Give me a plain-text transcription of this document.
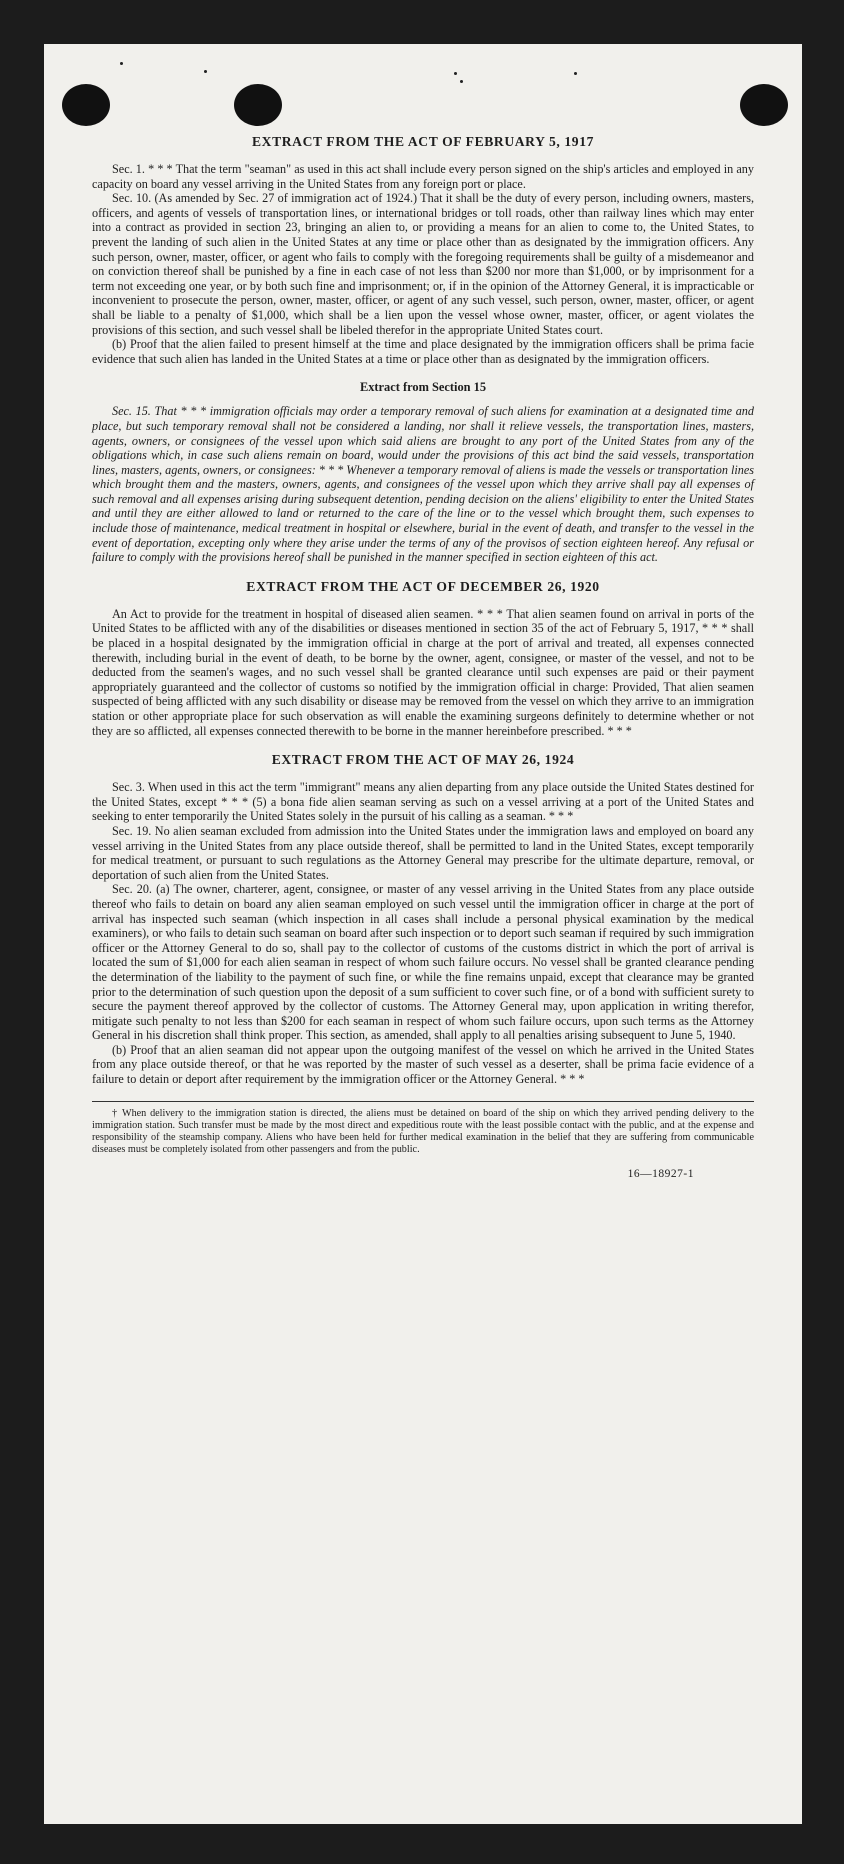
EXTRACT FROM THE ACT OF FEBRUARY 5, 1917

Sec. 1. * * * That the term "seaman" as used in this act shall include every person signed on the ship's articles and employed in any capacity on board any vessel arriving in the United States from any foreign port or place.

Sec. 10. (As amended by Sec. 27 of immigration act of 1924.) That it shall be the duty of every person, including owners, masters, officers, and agents of vessels of transportation lines, or international bridges or toll roads, other than railway lines which may enter into a contract as provided in section 23, bringing an alien to, or providing a means for an alien to come to, the United States, to prevent the landing of such alien in the United States at any time or place other than as designated by the immigration officers. Any such person, owner, master, officer, or agent who fails to comply with the foregoing requirements shall be guilty of a misdemeanor and on conviction thereof shall be punished by a fine in each case of not less than $200 nor more than $1,000, or by imprisonment for a term not exceeding one year, or by both such fine and imprisonment; or, if in the opinion of the Attorney General, it is impracticable or inconvenient to prosecute the person, owner, master, officer, or agent of any such vessel, such person, owner, master, officer, or agent shall be liable to a penalty of $1,000, which shall be a lien upon the vessel whose owner, master, officer, or agent violates the provisions of this section, and such vessel shall be libeled therefor in the appropriate United States court.

(b) Proof that the alien failed to present himself at the time and place designated by the immigration officers shall be prima facie evidence that such alien has landed in the United States at a time or place other than as designated by the immigration officers.

Extract from Section 15

Sec. 15. That * * * immigration officials may order a temporary removal of such aliens for examination at a designated time and place, but such temporary removal shall not be considered a landing, nor shall it relieve vessels, the transportation lines, masters, agents, owners, or consignees of the vessel upon which said aliens are brought to any port of the United States from any of the obligations which, in case such aliens remain on board, would under the provisions of this act bind the said vessels, transportation lines, masters, agents, owners, or consignees: * * * Whenever a temporary removal of aliens is made the vessels or transportation lines which brought them and the masters, owners, agents, and consignees of the vessel upon which they arrive shall pay all expenses of such removal and all expenses arising during subsequent detention, pending decision on the aliens' eligibility to enter the United States and until they are either allowed to land or returned to the care of the line or to the vessel which brought them, such expenses to include those of maintenance, medical treatment in hospital or elsewhere, burial in the event of death, and transfer to the vessel in the event of deportation, excepting only where they arise under the terms of any of the provisos of section eighteen hereof. Any refusal or failure to comply with the provisions hereof shall be punished in the manner specified in section eighteen of this act.

EXTRACT FROM THE ACT OF DECEMBER 26, 1920

An Act to provide for the treatment in hospital of diseased alien seamen. * * * That alien seamen found on arrival in ports of the United States to be afflicted with any of the disabilities or diseases mentioned in section 35 of the act of February 5, 1917, * * * shall be placed in a hospital designated by the immigration official in charge at the port of arrival and treated, all expenses connected therewith, including burial in the event of death, to be borne by the owner, agent, consignee, or master of the vessel, and not to be deducted from the seamen's wages, and no such vessel shall be granted clearance until such expenses are paid or their payment appropriately guaranteed and the collector of customs so notified by the immigration official in charge: Provided, That alien seamen suspected of being afflicted with any such disability or disease may be removed from the vessel on which they arrive to an immigration station or other appropriate place for such observation as will enable the examining surgeons definitely to determine whether or not they are so afflicted, all expenses connected therewith to be borne in the manner hereinbefore prescribed. * * *

EXTRACT FROM THE ACT OF MAY 26, 1924

Sec. 3. When used in this act the term "immigrant" means any alien departing from any place outside the United States destined for the United States, except * * * (5) a bona fide alien seaman serving as such on a vessel arriving at a port of the United States and seeking to enter temporarily the United States solely in the pursuit of his calling as a seaman. * * *

Sec. 19. No alien seaman excluded from admission into the United States under the immigration laws and employed on board any vessel arriving in the United States from any place outside thereof, shall be permitted to land in the United States, except temporarily for medical treatment, or pursuant to such regulations as the Attorney General may prescribe for the ultimate departure, removal, or deportation of such alien from the United States.

Sec. 20. (a) The owner, charterer, agent, consignee, or master of any vessel arriving in the United States from any place outside thereof who fails to detain on board any alien seaman employed on such vessel until the immigration officer in charge at the port of arrival has inspected such seaman (which inspection in all cases shall include a personal physical examination by the medical examiners), or who fails to detain such seaman on board after such inspection or to deport such seaman if required by such immigration officer or the Attorney General to do so, shall pay to the collector of customs of the customs district in which the port of arrival is located the sum of $1,000 for each alien seaman in respect of whom such failure occurs. No vessel shall be granted clearance pending the determination of the liability to the payment of such fine, or while the fine remains unpaid, except that clearance may be granted prior to the determination of such question upon the deposit of a sum sufficient to cover such fine, or of a bond with sufficient surety to secure the payment thereof approved by the collector of customs. The Attorney General may, upon application in writing therefor, mitigate such penalty to not less than $200 for each seaman in respect of whom such failure occurs, upon such terms as the Attorney General in his discretion shall think proper. This section, as amended, shall apply to all penalties arising subsequent to June 5, 1940.

(b) Proof that an alien seaman did not appear upon the outgoing manifest of the vessel on which he arrived in the United States from any place outside thereof, or that he was reported by the master of such vessel as a deserter, shall be prima facie evidence of a failure to detain or deport after requirement by the immigration officer or the Attorney General. * * *

† When delivery to the immigration station is directed, the aliens must be detained on board of the ship on which they arrived pending delivery to the immigration station. Such transfer must be made by the most direct and expeditious route with the least possible contact with the public, and at the expense and responsibility of the steamship company. Aliens who have been held for further medical examination in the belief that they are suffering from communicable diseases must be completely isolated from other passengers and from the public.

16—18927-1
